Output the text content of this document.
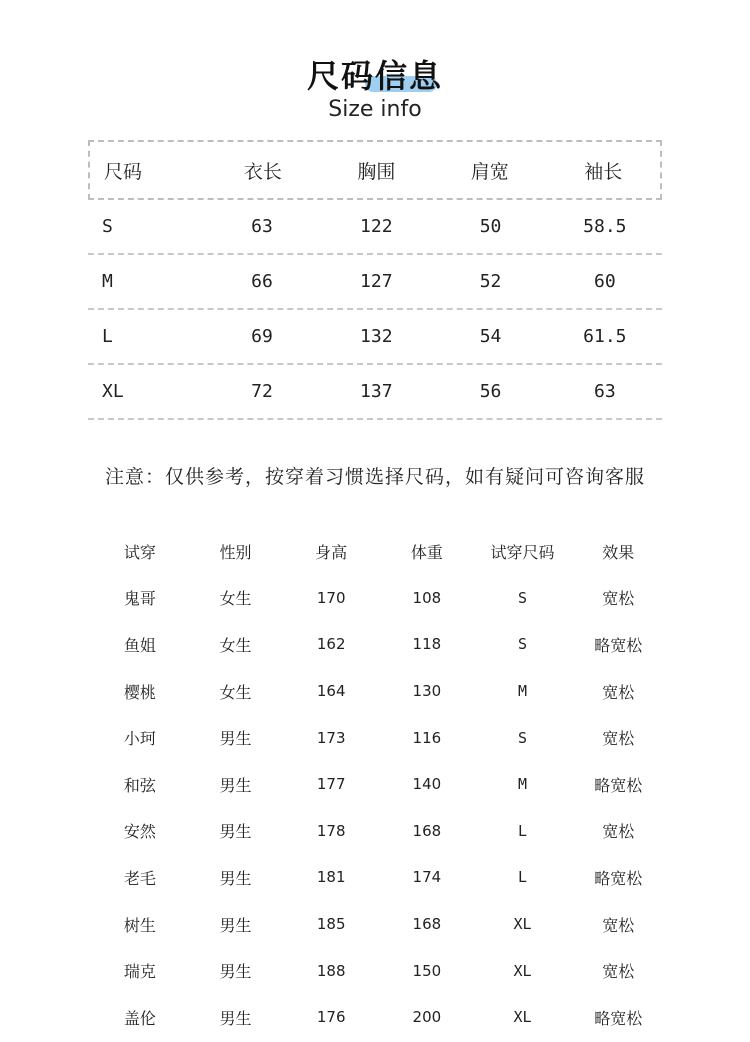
尺码信息
Size info
尺码	衣长	胸围	肩宽	袖长
S	63	122	50	58.5
M	66	127	52	60
L	69	132	54	61.5
XL	72	137	56	63
注意：仅供参考，按穿着习惯选择尺码，如有疑问可咨询客服
试穿	性别	身高	体重	试穿尺码	效果
鬼哥	女生	170	108	S	宽松
鱼姐	女生	162	118	S	略宽松
樱桃	女生	164	130	M	宽松
小珂	男生	173	116	S	宽松
和弦	男生	177	140	M	略宽松
安然	男生	178	168	L	宽松
老毛	男生	181	174	L	略宽松
树生	男生	185	168	XL	宽松
瑞克	男生	188	150	XL	宽松
盖伦	男生	176	200	XL	略宽松
